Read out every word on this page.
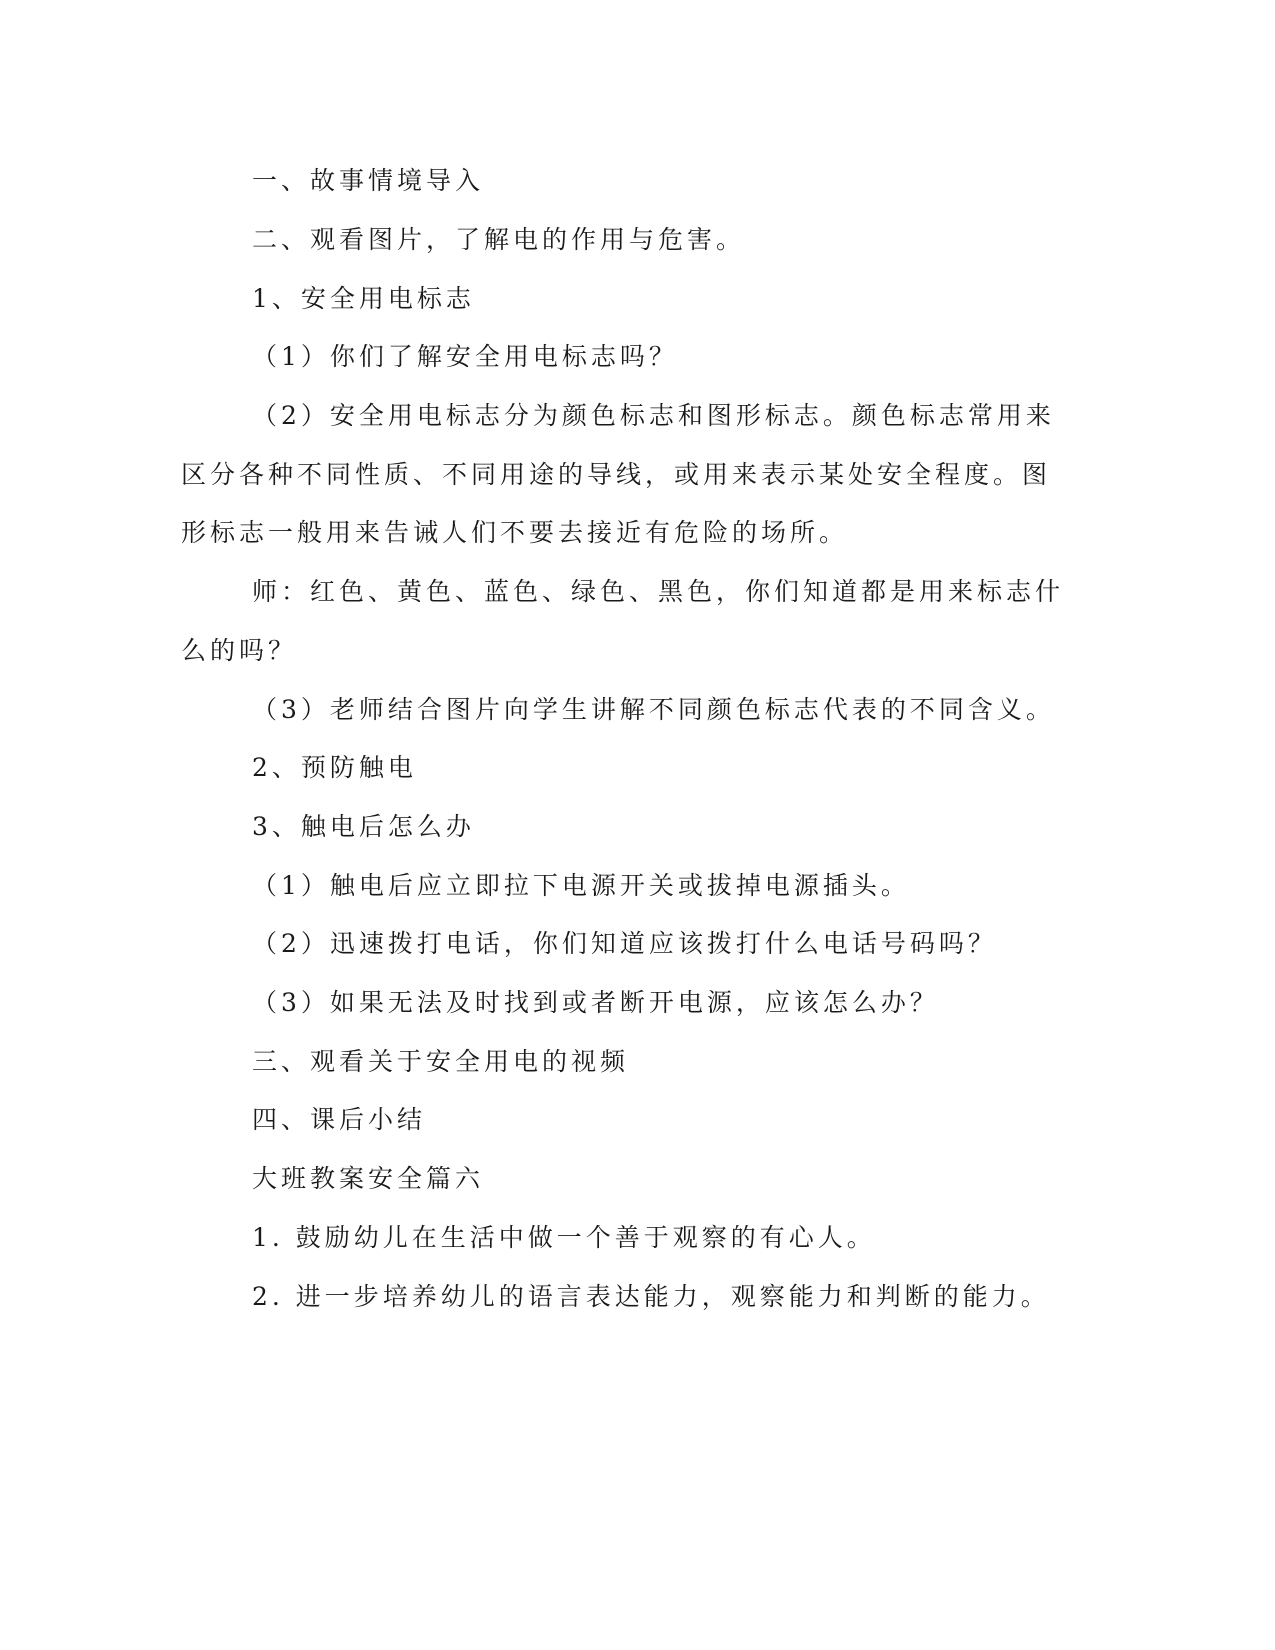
一、故事情境导入
二、观看图片，了解电的作用与危害。
1、安全用电标志
（1）你们了解安全用电标志吗？
（2）安全用电标志分为颜色标志和图形标志。颜色标志常用来
区分各种不同性质、不同用途的导线，或用来表示某处安全程度。图
形标志一般用来告诫人们不要去接近有危险的场所。
师：红色、黄色、蓝色、绿色、黑色，你们知道都是用来标志什
么的吗？
（3）老师结合图片向学生讲解不同颜色标志代表的不同含义。
2、预防触电
3、触电后怎么办
（1）触电后应立即拉下电源开关或拔掉电源插头。
（2）迅速拨打电话，你们知道应该拨打什么电话号码吗？
（3）如果无法及时找到或者断开电源，应该怎么办？
三、观看关于安全用电的视频
四、课后小结
大班教案安全篇六
1. 鼓励幼儿在生活中做一个善于观察的有心人。
2. 进一步培养幼儿的语言表达能力，观察能力和判断的能力。
